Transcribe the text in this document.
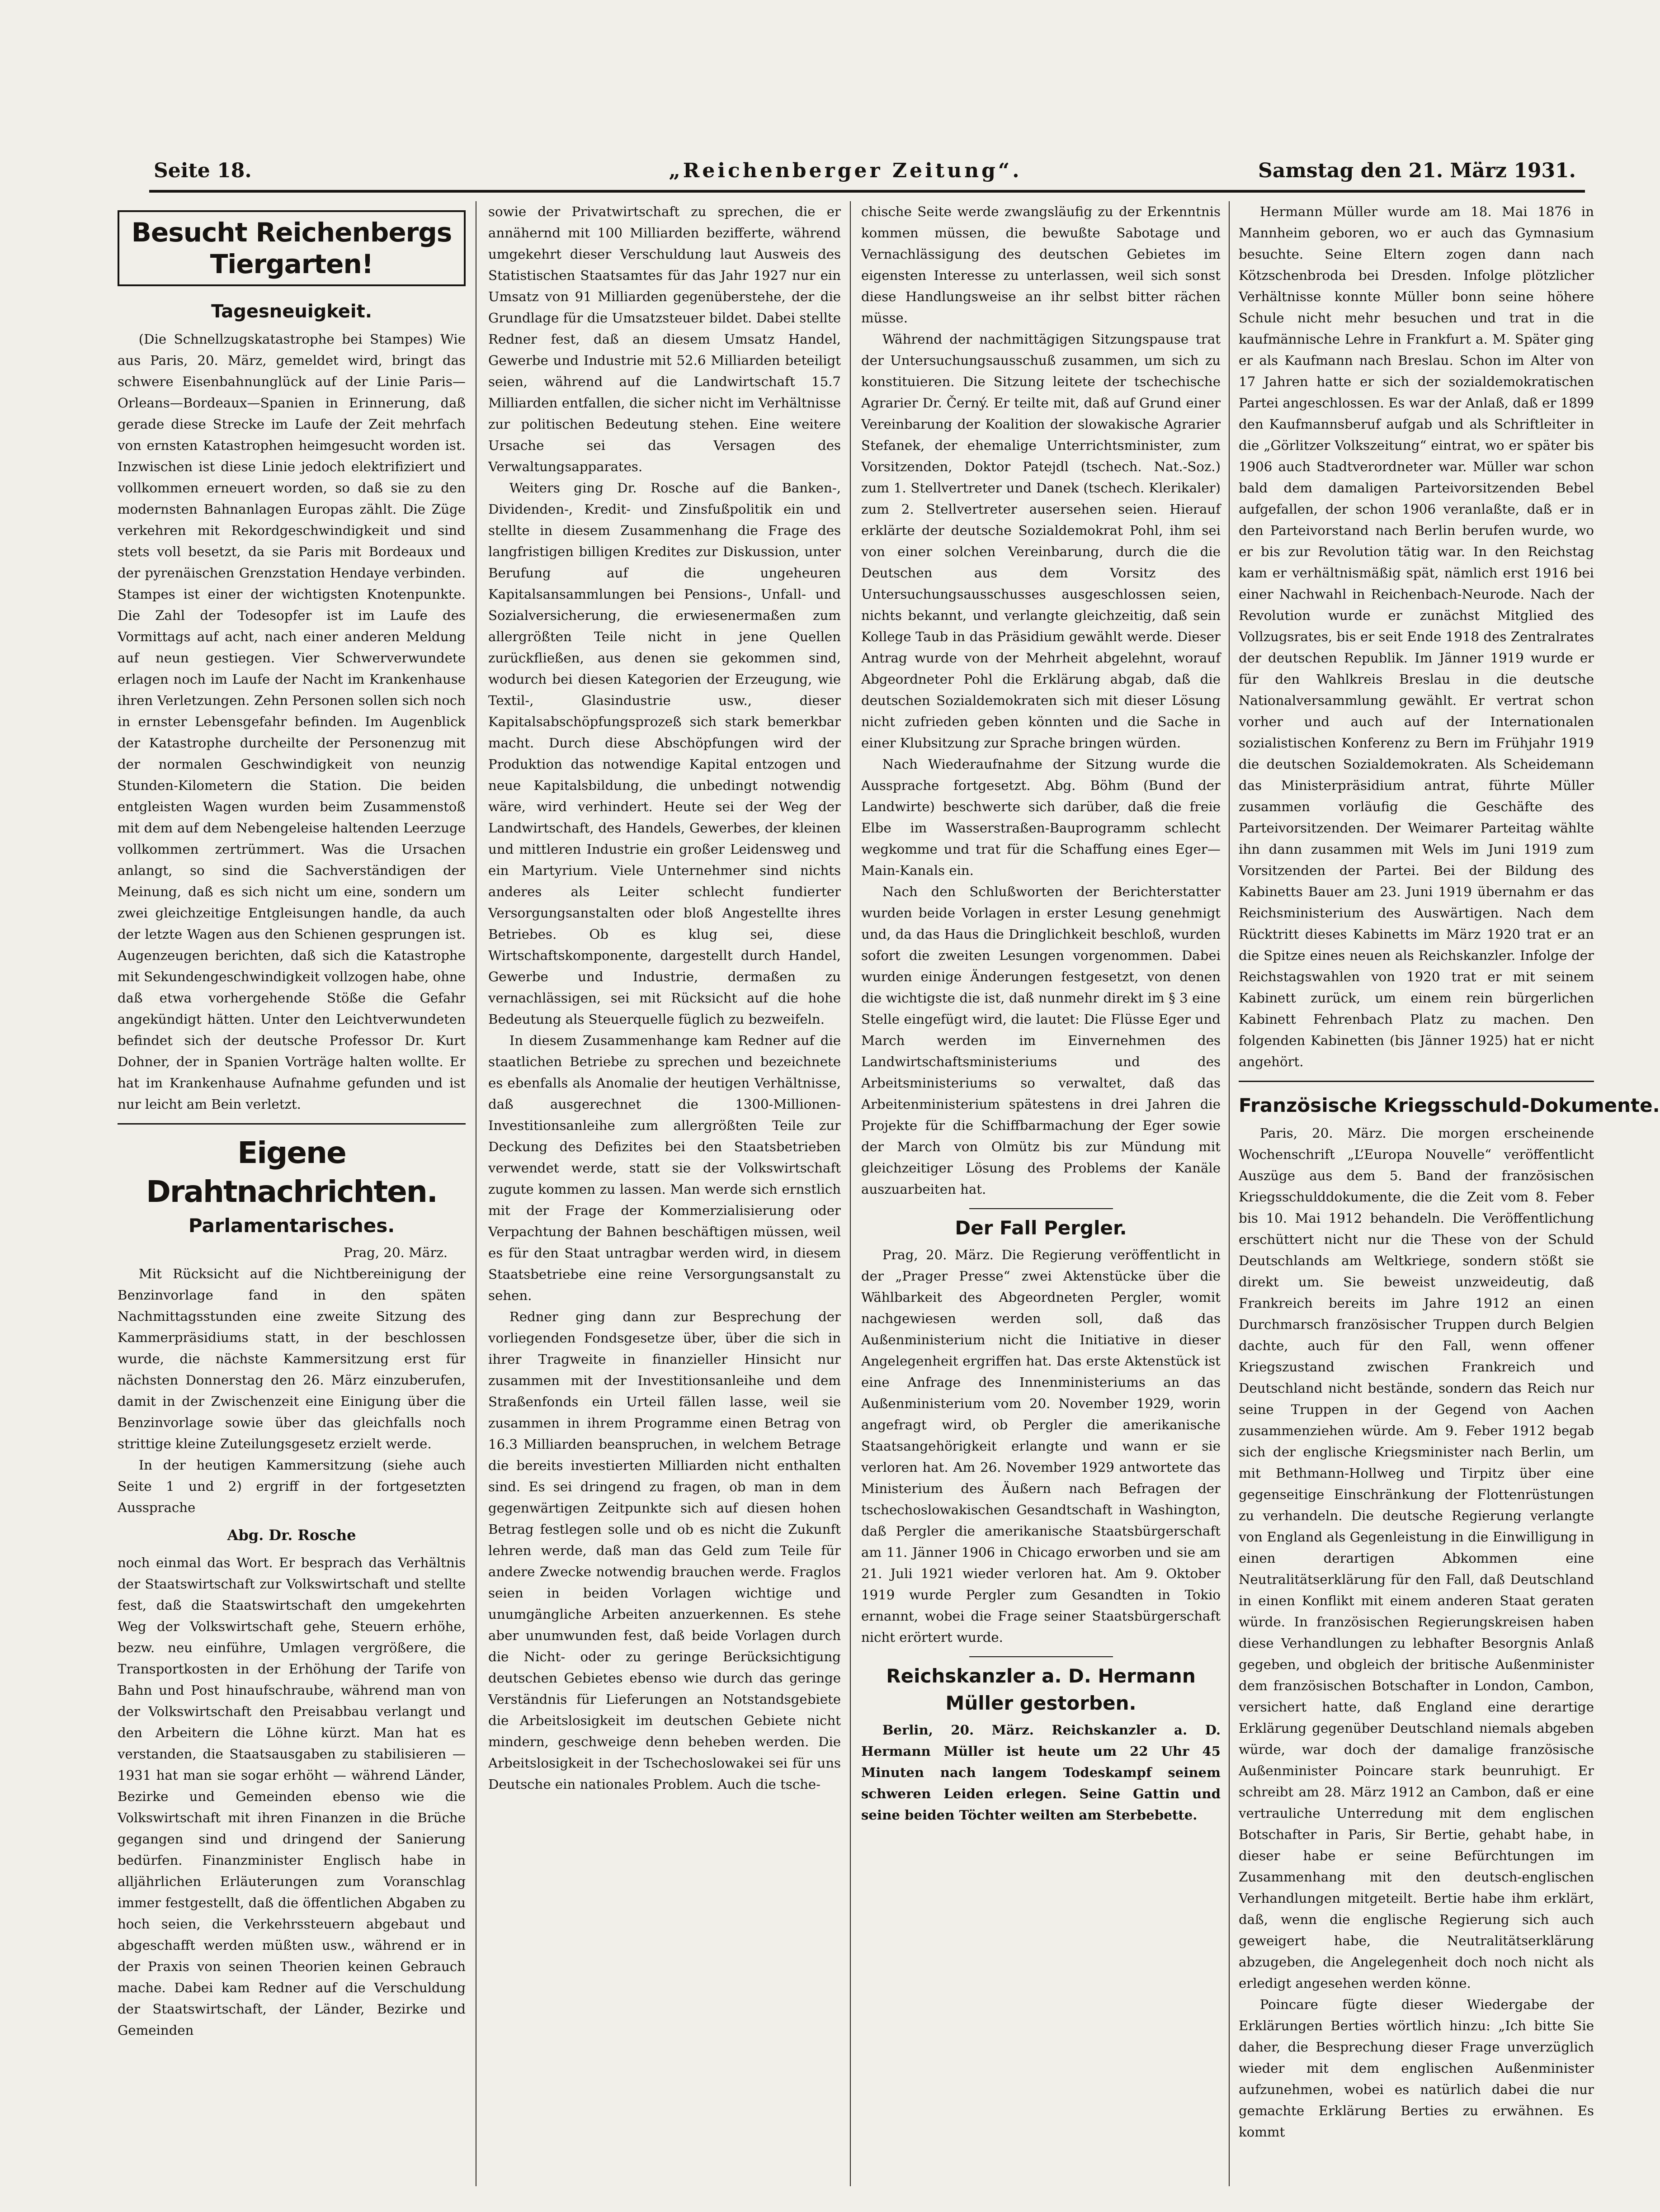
Seite 18.	„Reichenberger Zeitung“.	Samstag den 21. März 1931.
Besucht Reichenbergs Tiergarten!
Tagesneuigkeit.

(Die Schnellzugskatastrophe bei Stampes) Wie aus Paris, 20. März, gemeldet wird, bringt das schwere Eisenbahnunglück auf der Linie Paris—Orleans—Bordeaux—Spanien in Erinnerung, daß gerade diese Strecke im Laufe der Zeit mehrfach von ernsten Katastrophen heimgesucht worden ist. Inzwischen ist diese Linie jedoch elektrifiziert und vollkommen erneuert worden, so daß sie zu den modernsten Bahnanlagen Europas zählt. Die Züge verkehren mit Rekordgeschwindigkeit und sind stets voll besetzt, da sie Paris mit Bordeaux und der pyrenäischen Grenzstation Hendaye verbinden. Stampes ist einer der wichtigsten Knotenpunkte. Die Zahl der Todesopfer ist im Laufe des Vormittags auf acht, nach einer anderen Meldung auf neun gestiegen. Vier Schwerverwundete erlagen noch im Laufe der Nacht im Krankenhause ihren Verletzungen. Zehn Personen sollen sich noch in ernster Lebensgefahr befinden. Im Augenblick der Katastrophe durcheilte der Personenzug mit der normalen Geschwindigkeit von neunzig Stunden-Kilometern die Station. Die beiden entgleisten Wagen wurden beim Zusammenstoß mit dem auf dem Nebengeleise haltenden Leerzuge vollkommen zertrümmert. Was die Ursachen anlangt, so sind die Sachverständigen der Meinung, daß es sich nicht um eine, sondern um zwei gleichzeitige Entgleisungen handle, da auch der letzte Wagen aus den Schienen gesprungen ist. Augenzeugen berichten, daß sich die Katastrophe mit Sekundengeschwindigkeit vollzogen habe, ohne daß etwa vorhergehende Stöße die Gefahr angekündigt hätten. Unter den Leichtverwundeten befindet sich der deutsche Professor Dr. Kurt Dohner, der in Spanien Vorträge halten wollte. Er hat im Krankenhause Aufnahme gefunden und ist nur leicht am Bein verletzt.

Eigene Drahtnachrichten.
Parlamentarisches.
Prag, 20. März.

Mit Rücksicht auf die Nichtbereinigung der Benzinvorlage fand in den späten Nachmittagsstunden eine zweite Sitzung des Kammerpräsidiums statt, in der beschlossen wurde, die nächste Kammersitzung erst für nächsten Donnerstag den 26. März einzuberufen, damit in der Zwischenzeit eine Einigung über die Benzinvorlage sowie über das gleichfalls noch strittige kleine Zuteilungsgesetz erzielt werde.

In der heutigen Kammersitzung (siehe auch Seite 1 und 2) ergriff in der fortgesetzten Aussprache

Abg. Dr. Rosche

noch einmal das Wort. Er besprach das Verhältnis der Staatswirtschaft zur Volkswirtschaft und stellte fest, daß die Staatswirtschaft den umgekehrten Weg der Volkswirtschaft gehe, Steuern erhöhe, bezw. neu einführe, Umlagen vergrößere, die Transportkosten in der Erhöhung der Tarife von Bahn und Post hinaufschraube, während man von der Volkswirtschaft den Preisabbau verlangt und den Arbeitern die Löhne kürzt. Man hat es verstanden, die Staatsausgaben zu stabilisieren — 1931 hat man sie sogar erhöht — während Länder, Bezirke und Gemeinden ebenso wie die Volkswirtschaft mit ihren Finanzen in die Brüche gegangen sind und dringend der Sanierung bedürfen. Finanzminister Englisch habe in alljährlichen Erläuterungen zum Voranschlag immer festgestellt, daß die öffentlichen Abgaben zu hoch seien, die Verkehrssteuern abgebaut und abgeschafft werden müßten usw., während er in der Praxis von seinen Theorien keinen Gebrauch mache. Dabei kam Redner auf die Verschuldung der Staatswirtschaft, der Länder, Bezirke und Gemeinden

sowie der Privatwirtschaft zu sprechen, die er annähernd mit 100 Milliarden bezifferte, während umgekehrt dieser Verschuldung laut Ausweis des Statistischen Staatsamtes für das Jahr 1927 nur ein Umsatz von 91 Milliarden gegenüberstehe, der die Grundlage für die Umsatzsteuer bildet. Dabei stellte Redner fest, daß an diesem Umsatz Handel, Gewerbe und Industrie mit 52.6 Milliarden beteiligt seien, während auf die Landwirtschaft 15.7 Milliarden entfallen, die sicher nicht im Verhältnisse zur politischen Bedeutung stehen. Eine weitere Ursache sei das Versagen des Verwaltungsapparates.

Weiters ging Dr. Rosche auf die Banken-, Dividenden-, Kredit- und Zinsfußpolitik ein und stellte in diesem Zusammenhang die Frage des langfristigen billigen Kredites zur Diskussion, unter Berufung auf die ungeheuren Kapitalsansammlungen bei Pensions-, Unfall- und Sozialversicherung, die erwiesenermaßen zum allergrößten Teile nicht in jene Quellen zurückfließen, aus denen sie gekommen sind, wodurch bei diesen Kategorien der Erzeugung, wie Textil-, Glasindustrie usw., dieser Kapitalsabschöpfungsprozeß sich stark bemerkbar macht. Durch diese Abschöpfungen wird der Produktion das notwendige Kapital entzogen und neue Kapitalsbildung, die unbedingt notwendig wäre, wird verhindert. Heute sei der Weg der Landwirtschaft, des Handels, Gewerbes, der kleinen und mittleren Industrie ein großer Leidensweg und ein Martyrium. Viele Unternehmer sind nichts anderes als Leiter schlecht fundierter Versorgungsanstalten oder bloß Angestellte ihres Betriebes. Ob es klug sei, diese Wirtschaftskomponente, dargestellt durch Handel, Gewerbe und Industrie, dermaßen zu vernachlässigen, sei mit Rücksicht auf die hohe Bedeutung als Steuerquelle füglich zu bezweifeln.

In diesem Zusammenhange kam Redner auf die staatlichen Betriebe zu sprechen und bezeichnete es ebenfalls als Anomalie der heutigen Verhältnisse, daß ausgerechnet die 1300-Millionen-Investitionsanleihe zum allergrößten Teile zur Deckung des Defizites bei den Staatsbetrieben verwendet werde, statt sie der Volkswirtschaft zugute kommen zu lassen. Man werde sich ernstlich mit der Frage der Kommerzialisierung oder Verpachtung der Bahnen beschäftigen müssen, weil es für den Staat untragbar werden wird, in diesem Staatsbetriebe eine reine Versorgungsanstalt zu sehen.

Redner ging dann zur Besprechung der vorliegenden Fondsgesetze über, über die sich in ihrer Tragweite in finanzieller Hinsicht nur zusammen mit der Investitionsanleihe und dem Straßenfonds ein Urteil fällen lasse, weil sie zusammen in ihrem Programme einen Betrag von 16.3 Milliarden beanspruchen, in welchem Betrage die bereits investierten Milliarden nicht enthalten sind. Es sei dringend zu fragen, ob man in dem gegenwärtigen Zeitpunkte sich auf diesen hohen Betrag festlegen solle und ob es nicht die Zukunft lehren werde, daß man das Geld zum Teile für andere Zwecke notwendig brauchen werde. Fraglos seien in beiden Vorlagen wichtige und unumgängliche Arbeiten anzuerkennen. Es stehe aber unumwunden fest, daß beide Vorlagen durch die Nicht- oder zu geringe Berücksichtigung deutschen Gebietes ebenso wie durch das geringe Verständnis für Lieferungen an Notstandsgebiete die Arbeitslosigkeit im deutschen Gebiete nicht mindern, geschweige denn beheben werden. Die Arbeitslosigkeit in der Tschechoslowakei sei für uns Deutsche ein nationales Problem. Auch die tsche-

chische Seite werde zwangsläufig zu der Erkenntnis kommen müssen, die bewußte Sabotage und Vernachlässigung des deutschen Gebietes im eigensten Interesse zu unterlassen, weil sich sonst diese Handlungsweise an ihr selbst bitter rächen müsse.

Während der nachmittägigen Sitzungspause trat der Untersuchungsausschuß zusammen, um sich zu konstituieren. Die Sitzung leitete der tschechische Agrarier Dr. Černý. Er teilte mit, daß auf Grund einer Vereinbarung der Koalition der slowakische Agrarier Stefanek, der ehemalige Unterrichtsminister, zum Vorsitzenden, Doktor Patejdl (tschech. Nat.-Soz.) zum 1. Stellvertreter und Danek (tschech. Klerikaler) zum 2. Stellvertreter ausersehen seien. Hierauf erklärte der deutsche Sozialdemokrat Pohl, ihm sei von einer solchen Vereinbarung, durch die die Deutschen aus dem Vorsitz des Untersuchungsausschusses ausgeschlossen seien, nichts bekannt, und verlangte gleichzeitig, daß sein Kollege Taub in das Präsidium gewählt werde. Dieser Antrag wurde von der Mehrheit abgelehnt, worauf Abgeordneter Pohl die Erklärung abgab, daß die deutschen Sozialdemokraten sich mit dieser Lösung nicht zufrieden geben könnten und die Sache in einer Klubsitzung zur Sprache bringen würden.

Nach Wiederaufnahme der Sitzung wurde die Aussprache fortgesetzt. Abg. Böhm (Bund der Landwirte) beschwerte sich darüber, daß die freie Elbe im Wasserstraßen-Bauprogramm schlecht wegkomme und trat für die Schaffung eines Eger—Main-Kanals ein.

Nach den Schlußworten der Berichterstatter wurden beide Vorlagen in erster Lesung genehmigt und, da das Haus die Dringlichkeit beschloß, wurden sofort die zweiten Lesungen vorgenommen. Dabei wurden einige Änderungen festgesetzt, von denen die wichtigste die ist, daß nunmehr direkt im § 3 eine Stelle eingefügt wird, die lautet: Die Flüsse Eger und March werden im Einvernehmen des Landwirtschaftsministeriums und des Arbeitsministeriums so verwaltet, daß das Arbeitenministerium spätestens in drei Jahren die Projekte für die Schiffbarmachung der Eger sowie der March von Olmütz bis zur Mündung mit gleichzeitiger Lösung des Problems der Kanäle auszuarbeiten hat.

Der Fall Pergler.

Prag, 20. März. Die Regierung veröffentlicht in der „Prager Presse“ zwei Aktenstücke über die Wählbarkeit des Abgeordneten Pergler, womit nachgewiesen werden soll, daß das Außenministerium nicht die Initiative in dieser Angelegenheit ergriffen hat. Das erste Aktenstück ist eine Anfrage des Innenministeriums an das Außenministerium vom 20. November 1929, worin angefragt wird, ob Pergler die amerikanische Staatsangehörigkeit erlangte und wann er sie verloren hat. Am 26. November 1929 antwortete das Ministerium des Äußern nach Befragen der tschechoslowakischen Gesandtschaft in Washington, daß Pergler die amerikanische Staatsbürgerschaft am 11. Jänner 1906 in Chicago erworben und sie am 21. Juli 1921 wieder verloren hat. Am 9. Oktober 1919 wurde Pergler zum Gesandten in Tokio ernannt, wobei die Frage seiner Staatsbürgerschaft nicht erörtert wurde.

Reichskanzler a. D. Hermann Müller gestorben.

Berlin, 20. März. Reichskanzler a. D. Hermann Müller ist heute um 22 Uhr 45 Minuten nach langem Todeskampf seinem schweren Leiden erlegen. Seine Gattin und seine beiden Töchter weilten am Sterbebette.

Hermann Müller wurde am 18. Mai 1876 in Mannheim geboren, wo er auch das Gymnasium besuchte. Seine Eltern zogen dann nach Kötzschenbroda bei Dresden. Infolge plötzlicher Verhältnisse konnte Müller bonn seine höhere Schule nicht mehr besuchen und trat in die kaufmännische Lehre in Frankfurt a. M. Später ging er als Kaufmann nach Breslau. Schon im Alter von 17 Jahren hatte er sich der sozialdemokratischen Partei angeschlossen. Es war der Anlaß, daß er 1899 den Kaufmannsberuf aufgab und als Schriftleiter in die „Görlitzer Volkszeitung“ eintrat, wo er später bis 1906 auch Stadtverordneter war. Müller war schon bald dem damaligen Parteivorsitzenden Bebel aufgefallen, der schon 1906 veranlaßte, daß er in den Parteivorstand nach Berlin berufen wurde, wo er bis zur Revolution tätig war. In den Reichstag kam er verhältnismäßig spät, nämlich erst 1916 bei einer Nachwahl in Reichenbach-Neurode. Nach der Revolution wurde er zunächst Mitglied des Vollzugsrates, bis er seit Ende 1918 des Zentralrates der deutschen Republik. Im Jänner 1919 wurde er für den Wahlkreis Breslau in die deutsche Nationalversammlung gewählt. Er vertrat schon vorher und auch auf der Internationalen sozialistischen Konferenz zu Bern im Frühjahr 1919 die deutschen Sozialdemokraten. Als Scheidemann das Ministerpräsidium antrat, führte Müller zusammen vorläufig die Geschäfte des Parteivorsitzenden. Der Weimarer Parteitag wählte ihn dann zusammen mit Wels im Juni 1919 zum Vorsitzenden der Partei. Bei der Bildung des Kabinetts Bauer am 23. Juni 1919 übernahm er das Reichsministerium des Auswärtigen. Nach dem Rücktritt dieses Kabinetts im März 1920 trat er an die Spitze eines neuen als Reichskanzler. Infolge der Reichstagswahlen von 1920 trat er mit seinem Kabinett zurück, um einem rein bürgerlichen Kabinett Fehrenbach Platz zu machen. Den folgenden Kabinetten (bis Jänner 1925) hat er nicht angehört.

Französische Kriegsschuld-Dokumente.

Paris, 20. März. Die morgen erscheinende Wochenschrift „L’Europa Nouvelle“ veröffentlicht Auszüge aus dem 5. Band der französischen Kriegsschulddokumente, die die Zeit vom 8. Feber bis 10. Mai 1912 behandeln. Die Veröffentlichung erschüttert nicht nur die These von der Schuld Deutschlands am Weltkriege, sondern stößt sie direkt um. Sie beweist unzweideutig, daß Frankreich bereits im Jahre 1912 an einen Durchmarsch französischer Truppen durch Belgien dachte, auch für den Fall, wenn offener Kriegszustand zwischen Frankreich und Deutschland nicht bestände, sondern das Reich nur seine Truppen in der Gegend von Aachen zusammenziehen würde. Am 9. Feber 1912 begab sich der englische Kriegsminister nach Berlin, um mit Bethmann-Hollweg und Tirpitz über eine gegenseitige Einschränkung der Flottenrüstungen zu verhandeln. Die deutsche Regierung verlangte von England als Gegenleistung in die Einwilligung in einen derartigen Abkommen eine Neutralitätserklärung für den Fall, daß Deutschland in einen Konflikt mit einem anderen Staat geraten würde. In französischen Regierungskreisen haben diese Verhandlungen zu lebhafter Besorgnis Anlaß gegeben, und obgleich der britische Außenminister dem französischen Botschafter in London, Cambon, versichert hatte, daß England eine derartige Erklärung gegenüber Deutschland niemals abgeben würde, war doch der damalige französische Außenminister Poincare stark beunruhigt. Er schreibt am 28. März 1912 an Cambon, daß er eine vertrauliche Unterredung mit dem englischen Botschafter in Paris, Sir Bertie, gehabt habe, in dieser habe er seine Befürchtungen im Zusammenhang mit den deutsch-englischen Verhandlungen mitgeteilt. Bertie habe ihm erklärt, daß, wenn die englische Regierung sich auch geweigert habe, die Neutralitätserklärung abzugeben, die Angelegenheit doch noch nicht als erledigt angesehen werden könne.

Poincare fügte dieser Wiedergabe der Erklärungen Berties wörtlich hinzu: „Ich bitte Sie daher, die Besprechung dieser Frage unverzüglich wieder mit dem englischen Außenminister aufzunehmen, wobei es natürlich dabei die nur gemachte Erklärung Berties zu erwähnen. Es kommt
